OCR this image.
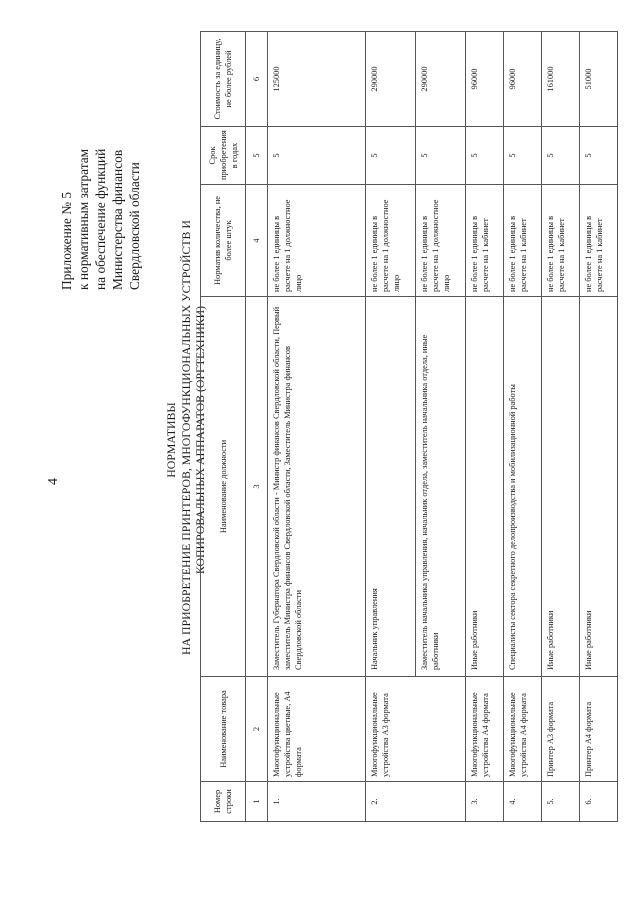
4
Приложение № 5 к нормативным затратам на обеспечение функций Министерства финансов Свердловской области
НОРМАТИВЫ НА ПРИОБРЕТЕНИЕ ПРИНТЕРОВ, МНОГОФУНКЦИОНАЛЬНЫХ УСТРОЙСТВ И КОПИРОВАЛЬНЫХ АППАРАТОВ (ОРГТЕХНИКИ)
Номер строки	Наименование товара	Наименование должности	Норматив количества, не более штук	Срок приобретения в годах	Стоимость за единицу, не более рублей
1	2	3	4	5	6
1.	Многофункциональные устройства цветные, А4 формата	Заместитель Губернатора Свердловской области - Министр финансов Свердловской области, Первый заместитель Министра финансов Свердловской области, Заместитель Министра финансов Свердловской области	не более 1 единицы в расчете на 1 должностное лицо	5	125000
2.	Многофункциональные устройства А3 формата	Начальник управления	не более 1 единицы в расчете на 1 должностное лицо	5	290000
		Заместитель начальника управления, начальник отдела, заместитель начальника отдела, иные работники	не более 1 единицы в расчете на 1 должностное лицо	5	290000
3.	Многофункциональные устройства А4 формата	Иные работники	не более 1 единицы в расчете на 1 кабинет	5	96000
4.	Многофункциональные устройства А4 формата	Специалисты сектора секретного делопроизводства и мобилизационной работы	не более 1 единицы в расчете на 1 кабинет	5	96000
5.	Принтер А3 формата	Иные работники	не более 1 единицы в расчете на 1 кабинет	5	161000
6.	Принтер А4 формата	Иные работники	не более 1 единицы в расчете на 1 кабинет	5	51000
